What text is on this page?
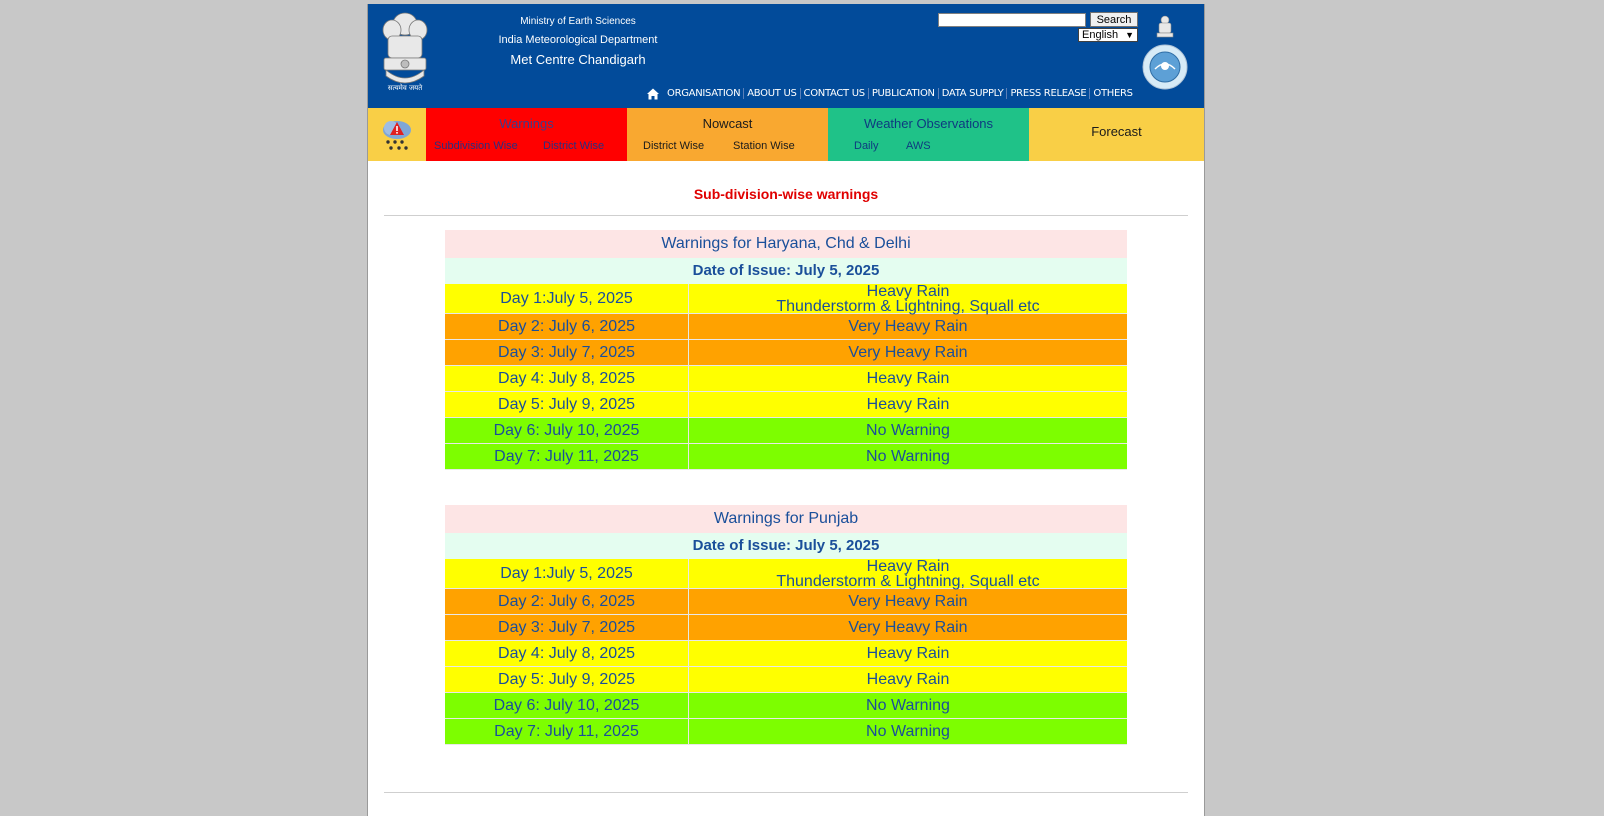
सत्यमेव जयते
Ministry of Earth Sciences
India Meteorological Department
Met Centre Chandigarh
Search
English ▼
ORGANISATION ABOUT US CONTACT US PUBLICATION DATA SUPPLY PRESS RELEASE OTHERS
Warnings
Subdivision Wise District Wise
Nowcast
District Wise	Station Wise
Weather Observations
Daily	AWS
Forecast
Sub-division-wise warnings
Warnings for Haryana, Chd & Delhi
Date of Issue: July 5, 2025
Day 1:July 5, 2025	Heavy Rain
Thunderstorm & Lightning, Squall etc
Day 2: July 6, 2025	Very Heavy Rain
Day 3: July 7, 2025	Very Heavy Rain
Day 4: July 8, 2025	Heavy Rain
Day 5: July 9, 2025	Heavy Rain
Day 6: July 10, 2025	No Warning
Day 7: July 11, 2025	No Warning
Warnings for Punjab
Date of Issue: July 5, 2025
Day 1:July 5, 2025	Heavy Rain
Thunderstorm & Lightning, Squall etc
Day 2: July 6, 2025	Very Heavy Rain
Day 3: July 7, 2025	Very Heavy Rain
Day 4: July 8, 2025	Heavy Rain
Day 5: July 9, 2025	Heavy Rain
Day 6: July 10, 2025	No Warning
Day 7: July 11, 2025	No Warning
